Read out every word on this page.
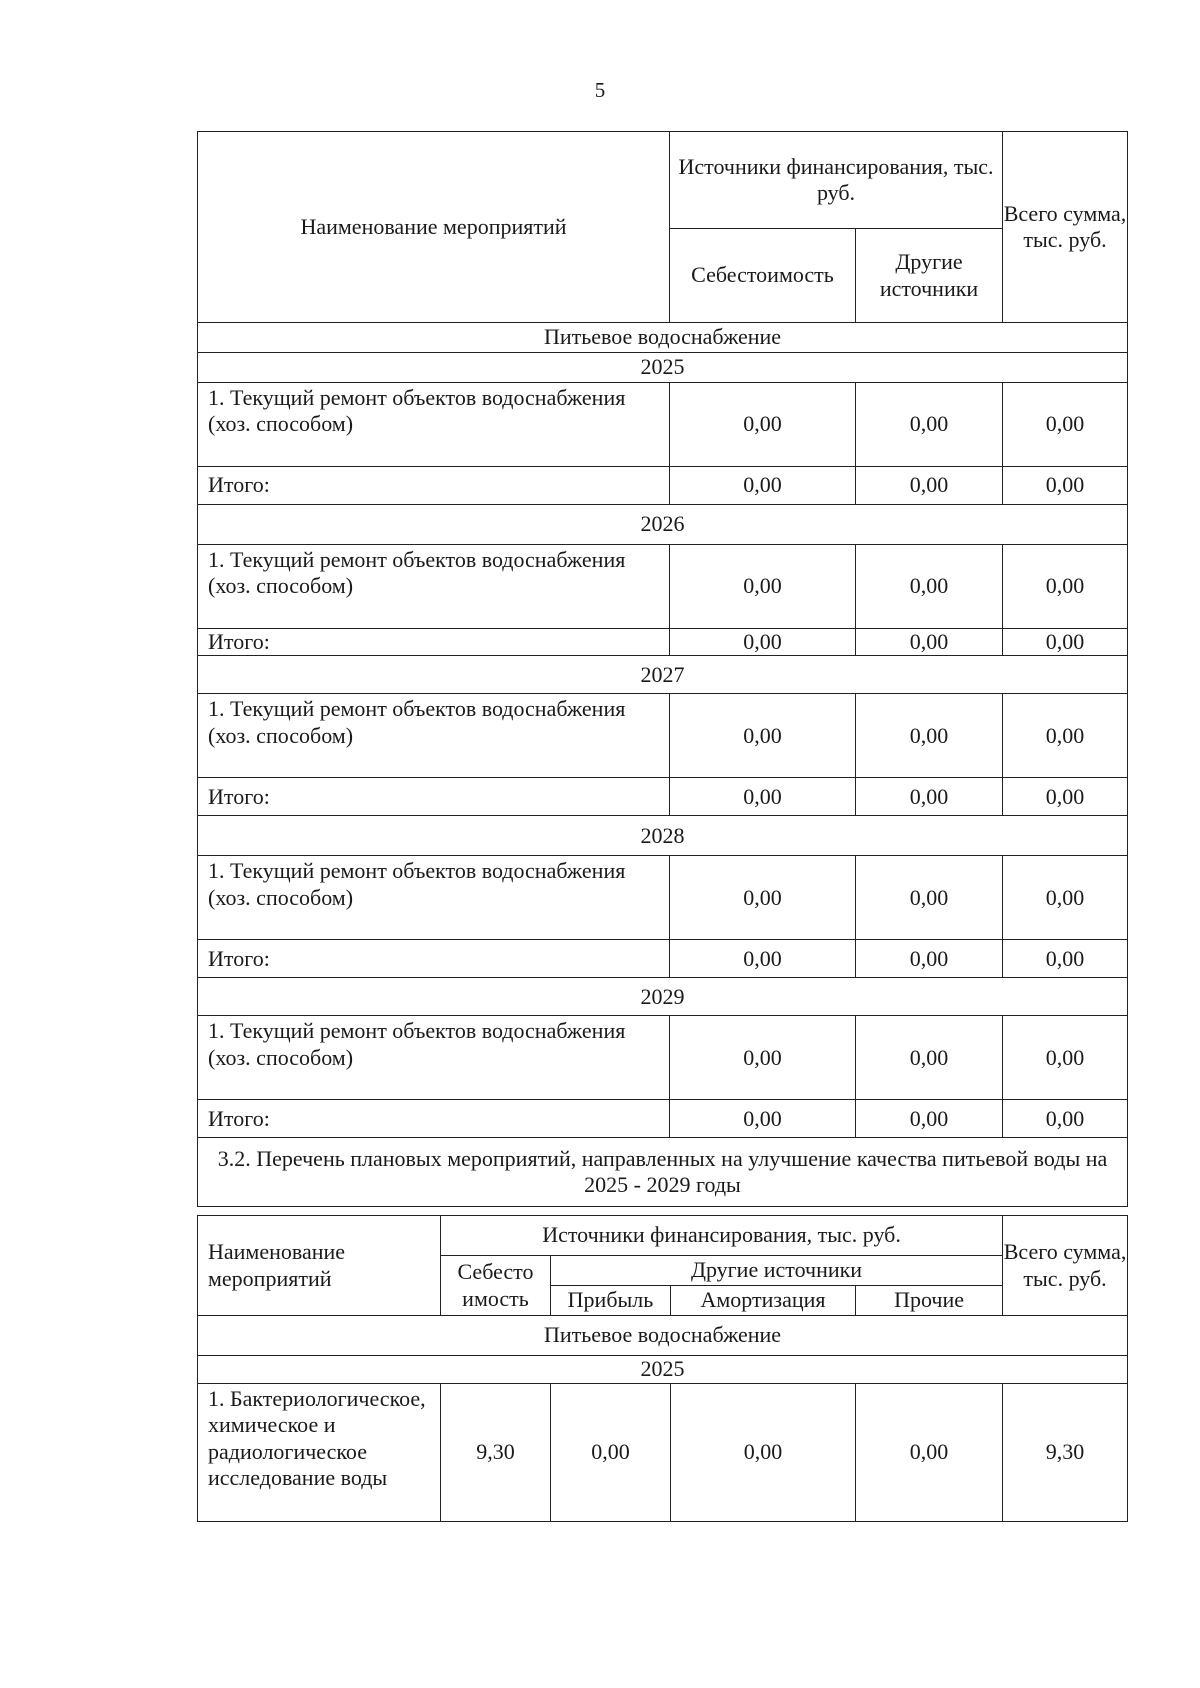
5
Наименование мероприятий	Источники финансирования, тыс. руб.		Всего сумма, тыс. руб.
	Себестоимость	Другие источники	
Питьевое водоснабжение			
2025			
1. Текущий ремонт объектов водоснабжения (хоз. способом)	0,00	0,00	0,00
Итого:	0,00	0,00	0,00
2026			
1. Текущий ремонт объектов водоснабжения (хоз. способом)	0,00	0,00	0,00
Итого:	0,00	0,00	0,00
2027			
1. Текущий ремонт объектов водоснабжения (хоз. способом)	0,00	0,00	0,00
Итого:	0,00	0,00	0,00
2028			
1. Текущий ремонт объектов водоснабжения (хоз. способом)	0,00	0,00	0,00
Итого:	0,00	0,00	0,00
2029			
1. Текущий ремонт объектов водоснабжения (хоз. способом)	0,00	0,00	0,00
Итого:	0,00	0,00	0,00
3.2. Перечень плановых мероприятий, направленных на улучшение качества питьевой воды на 2025 - 2029 годы			
Наименование мероприятий	Источники финансирования, тыс. руб.				Всего сумма, тыс. руб.
	Себесто имость	Другие источники			
		Прибыль	Амортизация	Прочие	
Питьевое водоснабжение					
2025					
1. Бактериологическое, химическое и радиологическое исследование воды	9,30	0,00	0,00	0,00	9,30
